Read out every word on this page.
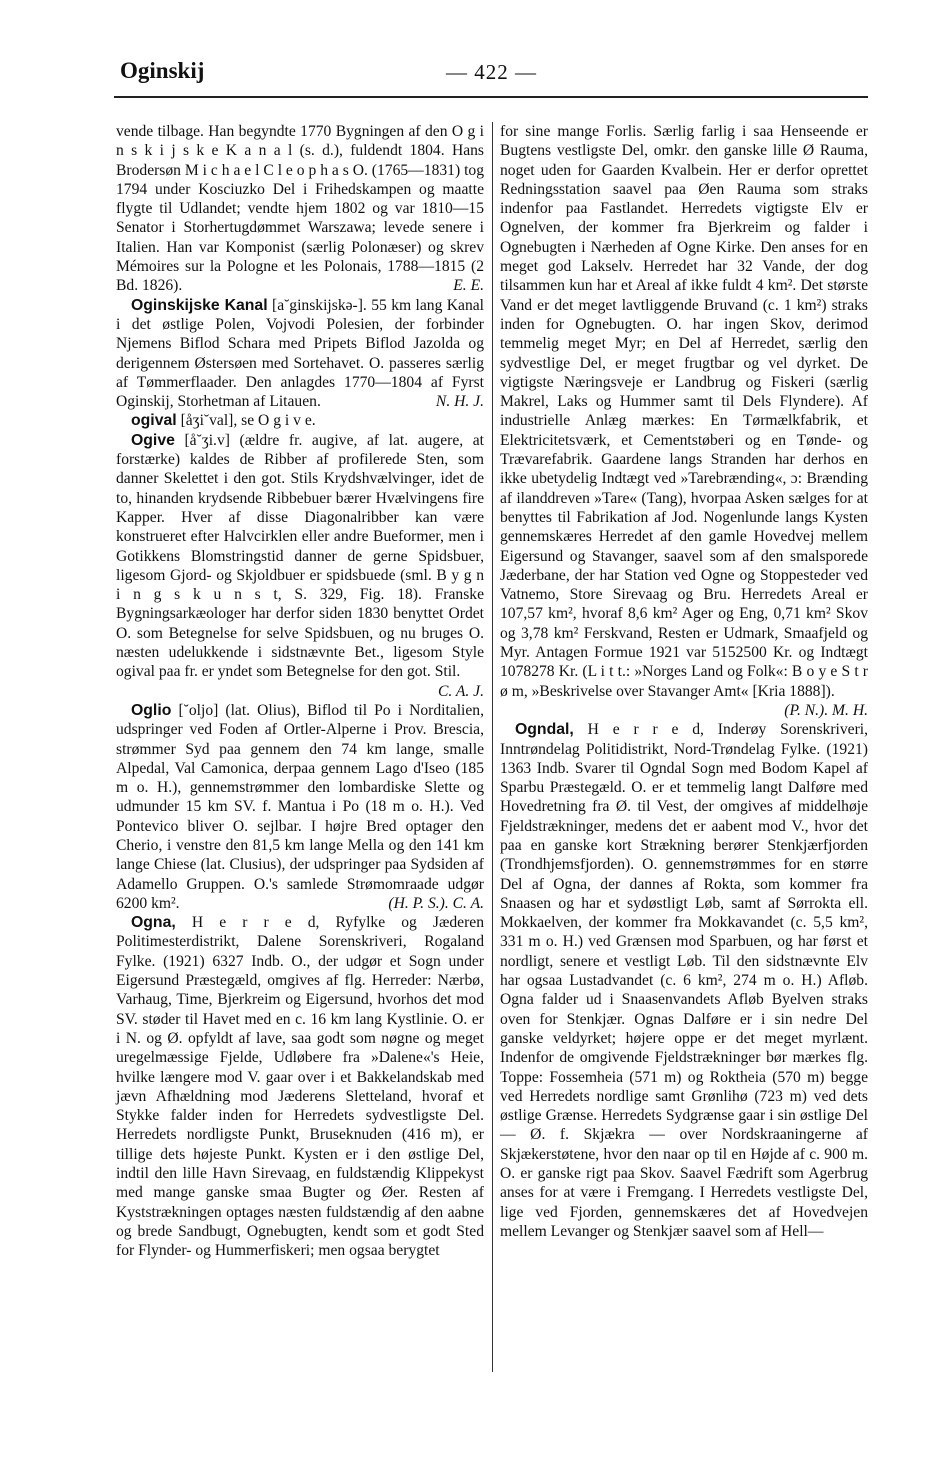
Oginskij	— 422 —

vende tilbage. Han begyndte 1770 Bygningen af den O g i n s k i j s k e K a n a l (s. d.), fuldendt 1804. Hans Brodersøn M i c h a e l C l e o p h a s O. (1765—1831) tog 1794 under Kosciuzko Del i Frihedskampen og maatte flygte til Udlandet; vendte hjem 1802 og var 1810—15 Senator i Storhertugdømmet Warszawa; levede senere i Italien. Han var Komponist (særlig Polonæser) og skrev Mémoires sur la Pologne et les Polonais, 1788—1815 (2 Bd. 1826).	E. E.

Oginskijske Kanal [a˘ginskijskə-]. 55 km lang Kanal i det østlige Polen, Vojvodi Polesien, der forbinder Njemens Biflod Schara med Pripets Biflod Jazolda og derigennem Østersøen med Sortehavet. O. passeres særlig af Tømmerflaader. Den anlagdes 1770—1804 af Fyrst Oginskij, Storhetman af Litauen.	N. H. J.

ogival [åʒi˘val], se O g i v e.

Ogive [å˘ʒi.v] (ældre fr. augive, af lat. augere, at forstærke) kaldes de Ribber af profilerede Sten, som danner Skelettet i den got. Stils Krydshvælvinger, idet de to, hinanden krydsende Ribbebuer bærer Hvælvingens fire Kapper. Hver af disse Diagonalribber kan være konstrueret efter Halvcirklen eller andre Bueformer, men i Gotikkens Blomstringstid danner de gerne Spidsbuer, ligesom Gjord- og Skjoldbuer er spidsbuede (sml. B y g n i n g s k u n s t, S. 329, Fig. 18). Franske Bygningsarkæologer har derfor siden 1830 benyttet Ordet O. som Betegnelse for selve Spidsbuen, og nu bruges O. næsten udelukkende i sidstnævnte Bet., ligesom Style ogival paa fr. er yndet som Betegnelse for den got. Stil.
C. A. J.

Oglio [˘oljo] (lat. Olius), Biflod til Po i Norditalien, udspringer ved Foden af Ortler-Alperne i Prov. Brescia, strømmer Syd paa gennem den 74 km lange, smalle Alpedal, Val Camonica, derpaa gennem Lago d'Iseo (185 m o. H.), gennemstrømmer den lombardiske Slette og udmunder 15 km SV. f. Mantua i Po (18 m o. H.). Ved Pontevico bliver O. sejlbar. I højre Bred optager den Cherio, i venstre den 81,5 km lange Mella og den 141 km lange Chiese (lat. Clusius), der udspringer paa Sydsiden af Adamello Gruppen. O.'s samlede Strømomraade udgør 6200 km².	(H. P. S.). C. A.

Ogna, H e r r e d, Ryfylke og Jæderen Politimesterdistrikt, Dalene Sorenskriveri, Rogaland Fylke. (1921) 6327 Indb. O., der udgør et Sogn under Eigersund Præstegæld, omgives af flg. Herreder: Nærbø, Varhaug, Time, Bjerkreim og Eigersund, hvorhos det mod SV. støder til Havet med en c. 16 km lang Kystlinie. O. er i N. og Ø. opfyldt af lave, saa godt som nøgne og meget uregelmæssige Fjelde, Udløbere fra »Dalene«'s Heie, hvilke længere mod V. gaar over i et Bakkelandskab med jævn Afhældning mod Jæderens Sletteland, hvoraf et Stykke falder inden for Herredets sydvestligste Del. Herredets nordligste Punkt, Bruseknuden (416 m), er tillige dets højeste Punkt. Kysten er i den østlige Del, indtil den lille Havn Sirevaag, en fuldstændig Klippekyst med mange ganske smaa Bugter og Øer. Resten af Kyststrækningen optages næsten fuldstændig af den aabne og brede Sandbugt, Ognebugten, kendt som et godt Sted for Flynder- og Hummerfiskeri; men ogsaa berygtet

for sine mange Forlis. Særlig farlig i saa Henseende er Bugtens vestligste Del, omkr. den ganske lille Ø Rauma, noget uden for Gaarden Kvalbein. Her er derfor oprettet Redningsstation saavel paa Øen Rauma som straks indenfor paa Fastlandet. Herredets vigtigste Elv er Ognelven, der kommer fra Bjerkreim og falder i Ognebugten i Nærheden af Ogne Kirke. Den anses for en meget god Lakselv. Herredet har 32 Vande, der dog tilsammen kun har et Areal af ikke fuldt 4 km². Det største Vand er det meget lavtliggende Bruvand (c. 1 km²) straks inden for Ognebugten. O. har ingen Skov, derimod temmelig meget Myr; en Del af Herredet, særlig den sydvestlige Del, er meget frugtbar og vel dyrket. De vigtigste Næringsveje er Landbrug og Fiskeri (særlig Makrel, Laks og Hummer samt til Dels Flyndere). Af industrielle Anlæg mærkes: En Tørmælkfabrik, et Elektricitetsværk, et Cementstøberi og en Tønde- og Trævarefabrik. Gaardene langs Stranden har derhos en ikke ubetydelig Indtægt ved »Tarebrænding«, ɔ: Brænding af ilanddreven »Tare« (Tang), hvorpaa Asken sælges for at benyttes til Fabrikation af Jod. Nogenlunde langs Kysten gennemskæres Herredet af den gamle Hovedvej mellem Eigersund og Stavanger, saavel som af den smalsporede Jæderbane, der har Station ved Ogne og Stoppesteder ved Vatnemo, Store Sirevaag og Bru. Herredets Areal er 107,57 km², hvoraf 8,6 km² Ager og Eng, 0,71 km² Skov og 3,78 km² Ferskvand, Resten er Udmark, Smaafjeld og Myr. Antagen Formue 1921 var 5152500 Kr. og Indtægt 1078278 Kr. (L i t t.: »Norges Land og Folk«: B o y e S t r ø m, »Beskrivelse over Stavanger Amt« [Kria 1888]).
(P. N.). M. H.

Ogndal, H e r r e d, Inderøy Sorenskriveri, Inntrøndelag Politidistrikt, Nord-Trøndelag Fylke. (1921) 1363 Indb. Svarer til Ogndal Sogn med Bodom Kapel af Sparbu Præstegæld. O. er et temmelig langt Dalføre med Hovedretning fra Ø. til Vest, der omgives af middelhøje Fjeldstrækninger, medens det er aabent mod V., hvor det paa en ganske kort Strækning berører Stenkjærfjorden (Trondhjemsfjorden). O. gennemstrømmes for en større Del af Ogna, der dannes af Rokta, som kommer fra Snaasen og har et sydøstligt Løb, samt af Sørrokta ell. Mokkaelven, der kommer fra Mokkavandet (c. 5,5 km², 331 m o. H.) ved Grænsen mod Sparbuen, og har først et nordligt, senere et vestligt Løb. Til den sidstnævnte Elv har ogsaa Lustadvandet (c. 6 km², 274 m o. H.) Afløb. Ogna falder ud i Snaasenvandets Afløb Byelven straks oven for Stenkjær. Ognas Dalføre er i sin nedre Del ganske veldyrket; højere oppe er det meget myrlænt. Indenfor de omgivende Fjeldstrækninger bør mærkes flg. Toppe: Fossemheia (571 m) og Roktheia (570 m) begge ved Herredets nordlige samt Grønlihø (723 m) ved dets østlige Grænse. Herredets Sydgrænse gaar i sin østlige Del — Ø. f. Skjækra — over Nordskraaningerne af Skjækerstøtene, hvor den naar op til en Højde af c. 900 m. O. er ganske rigt paa Skov. Saavel Fædrift som Agerbrug anses for at være i Fremgang. I Herredets vestligste Del, lige ved Fjorden, gennemskæres det af Hovedvejen mellem Levanger og Stenkjær saavel som af Hell—
